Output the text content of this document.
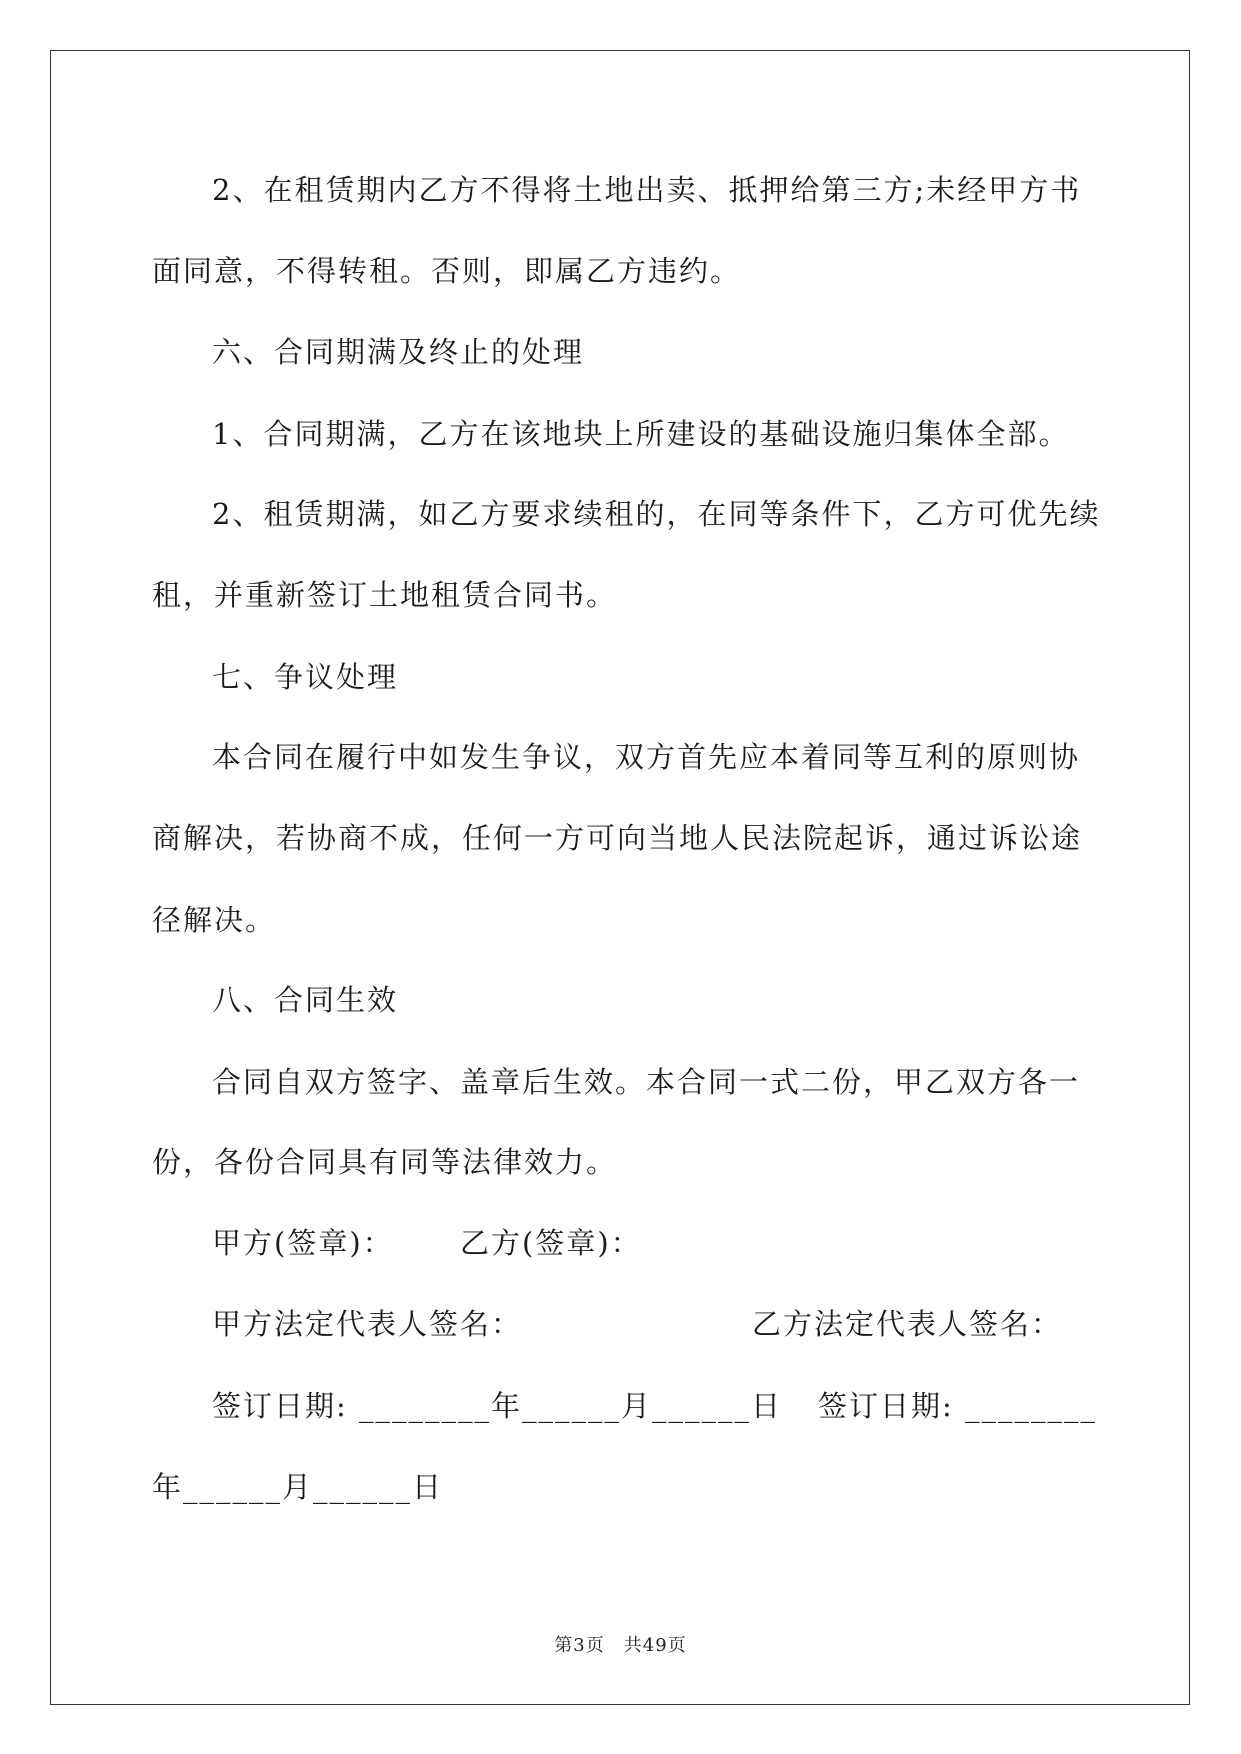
2、在租赁期内乙方不得将土地出卖、抵押给第三方;未经甲方书
面同意，不得转租。否则，即属乙方违约。
六、合同期满及终止的处理
1、合同期满，乙方在该地块上所建设的基础设施归集体全部。
2、租赁期满，如乙方要求续租的，在同等条件下，乙方可优先续
租，并重新签订土地租赁合同书。
七、争议处理
本合同在履行中如发生争议，双方首先应本着同等互利的原则协
商解决，若协商不成，任何一方可向当地人民法院起诉，通过诉讼途
径解决。
八、合同生效
合同自双方签字、盖章后生效。本合同一式二份，甲乙双方各一
份，各份合同具有同等法律效力。
甲方(签章)： 乙方(签章)：
甲方法定代表人签名：	乙方法定代表人签名：
签订日期: ________年______月______日 签订日期: ________
年______月______日
第3页　共49页
